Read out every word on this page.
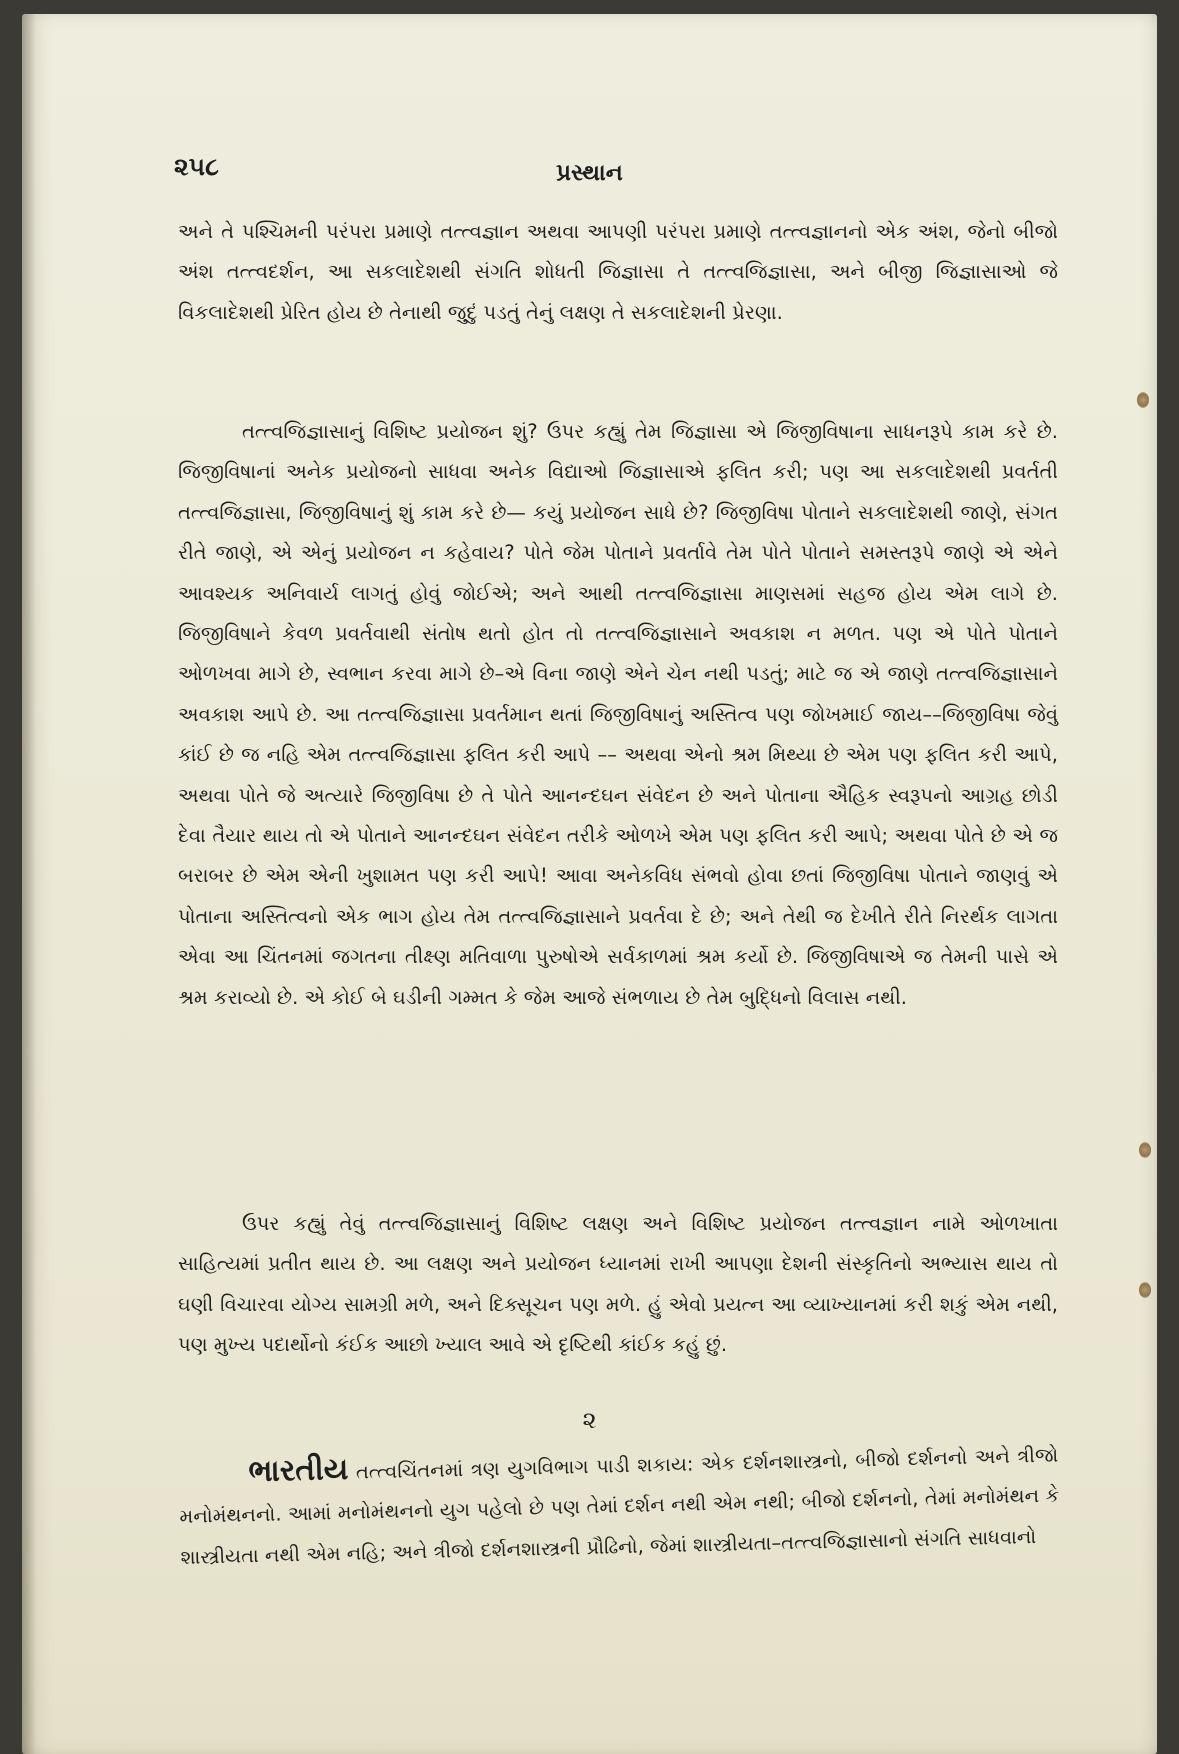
૨૫૮	પ્રસ્થાન

અને તે પશ્ચિમની પરંપરા પ્રમાણે તત્ત્વજ્ઞાન અથવા આપણી પરંપરા પ્રમાણે તત્ત્વજ્ઞાનનો એક અંશ, જેનો બીજો અંશ તત્ત્વદર્શન, આ સકલાદેશથી સંગતિ શોધતી જિજ્ઞાસા તે તત્ત્વજિજ્ઞાસા, અને બીજી જિજ્ઞાસાઓ જે વિકલાદેશથી પ્રેરિત હોય છે તેનાથી જુદું પડતું તેનું લક્ષણ તે સકલાદેશની પ્રેરણા.

તત્ત્વજિજ્ઞાસાનું વિશિષ્ટ પ્રયોજન શું? ઉપર કહ્યું તેમ જિજ્ઞાસા એ જિજીવિષાના સાધનરૂપે કામ કરે છે. જિજીવિષાનાં અનેક પ્રયોજનો સાધવા અનેક વિદ્યાઓ જિજ્ઞાસાએ ફલિત કરી; પણ આ સકલાદેશથી પ્રવર્તતી તત્ત્વજિજ્ઞાસા, જિજીવિષાનું શું કામ કરે છે— કયું પ્રયોજન સાધે છે? જિજીવિષા પોતાને સકલાદેશથી જાણે, સંગત રીતે જાણે, એ એનું પ્રયોજન ન કહેવાય? પોતે જેમ પોતાને પ્રવર્તાવે તેમ પોતે પોતાને સમસ્તરૂપે જાણે એ એને આવશ્યક અનિવાર્ય લાગતું હોવું જોઈએ; અને આથી તત્ત્વજિજ્ઞાસા માણસમાં સહજ હોય એમ લાગે છે. જિજીવિષાને કેવળ પ્રવર્તવાથી સંતોષ થતો હોત તો તત્ત્વજિજ્ઞાસાને અવકાશ ન મળત. પણ એ પોતે પોતાને ઓળખવા માગે છે, સ્વભાન કરવા માગે છે–એ વિના જાણે એને ચેન નથી પડતું; માટે જ એ જાણે તત્ત્વજિજ્ઞાસાને અવકાશ આપે છે. આ તત્ત્વજિજ્ઞાસા પ્રવર્તમાન થતાં જિજીવિષાનું અસ્તિત્વ પણ જોખમાઈ જાય––જિજીવિષા જેવું કાંઈ છે જ નહિ એમ તત્ત્વજિજ્ઞાસા ફલિત કરી આપે –– અથવા એનો શ્રમ મિથ્યા છે એમ પણ ફલિત કરી આપે, અથવા પોતે જે અત્યારે જિજીવિષા છે તે પોતે આનન્દઘન સંવેદન છે અને પોતાના ઐહિક સ્વરૂપનો આગ્રહ છોડી દેવા તૈયાર થાય તો એ પોતાને આનન્દઘન સંવેદન તરીકે ઓળખે એમ પણ ફલિત કરી આપે; અથવા પોતે છે એ જ બરાબર છે એમ એની ખુશામત પણ કરી આપે! આવા અનેકવિધ સંભવો હોવા છતાં જિજીવિષા પોતાને જાણવું એ પોતાના અસ્તિત્વનો એક ભાગ હોય તેમ તત્ત્વજિજ્ઞાસાને પ્રવર્તવા દે છે; અને તેથી જ દેખીતે રીતે નિરર્થક લાગતા એવા આ ચિંતનમાં જગતના તીક્ષ્ણ મતિવાળા પુરુષોએ સર્વકાળમાં શ્રમ કર્યો છે. જિજીવિષાએ જ તેમની પાસે એ શ્રમ કરાવ્યો છે. એ કોઈ બે ઘડીની ગમ્મત કે જેમ આજે સંભળાય છે તેમ બુદ્ધિનો વિલાસ નથી.

ઉપર કહ્યું તેવું તત્ત્વજિજ્ઞાસાનું વિશિષ્ટ લક્ષણ અને વિશિષ્ટ પ્રયોજન તત્ત્વજ્ઞાન નામે ઓળખાતા સાહિત્યમાં પ્રતીત થાય છે. આ લક્ષણ અને પ્રયોજન ધ્યાનમાં રાખી આપણા દેશની સંસ્કૃતિનો અભ્યાસ થાય તો ઘણી વિચારવા યોગ્ય સામગ્રી મળે, અને દિક્સૂચન પણ મળે. હું એવો પ્રયત્ન આ વ્યાખ્યાનમાં કરી શકું એમ નથી, પણ મુખ્ય પદાર્થોનો કંઈક આછો ખ્યાલ આવે એ દૃષ્ટિથી કાંઈક કહું છું.

૨

ભારતીય તત્ત્વચિંતનમાં ત્રણ યુગવિભાગ પાડી શકાય: એક દર્શનશાસ્ત્રનો, બીજો દર્શનનો અને ત્રીજો મનોમંથનનો. આમાં મનોમંથનનો યુગ પહેલો છે પણ તેમાં દર્શન નથી એમ નથી; બીજો દર્શનનો, તેમાં મનોમંથન કે શાસ્ત્રીયતા નથી એમ નહિ; અને ત્રીજો દર્શનશાસ્ત્રની પ્રૌઢિનો, જેમાં શાસ્ત્રીયતા–તત્ત્વજિજ્ઞાસાનો સંગતિ સાધવાનો
